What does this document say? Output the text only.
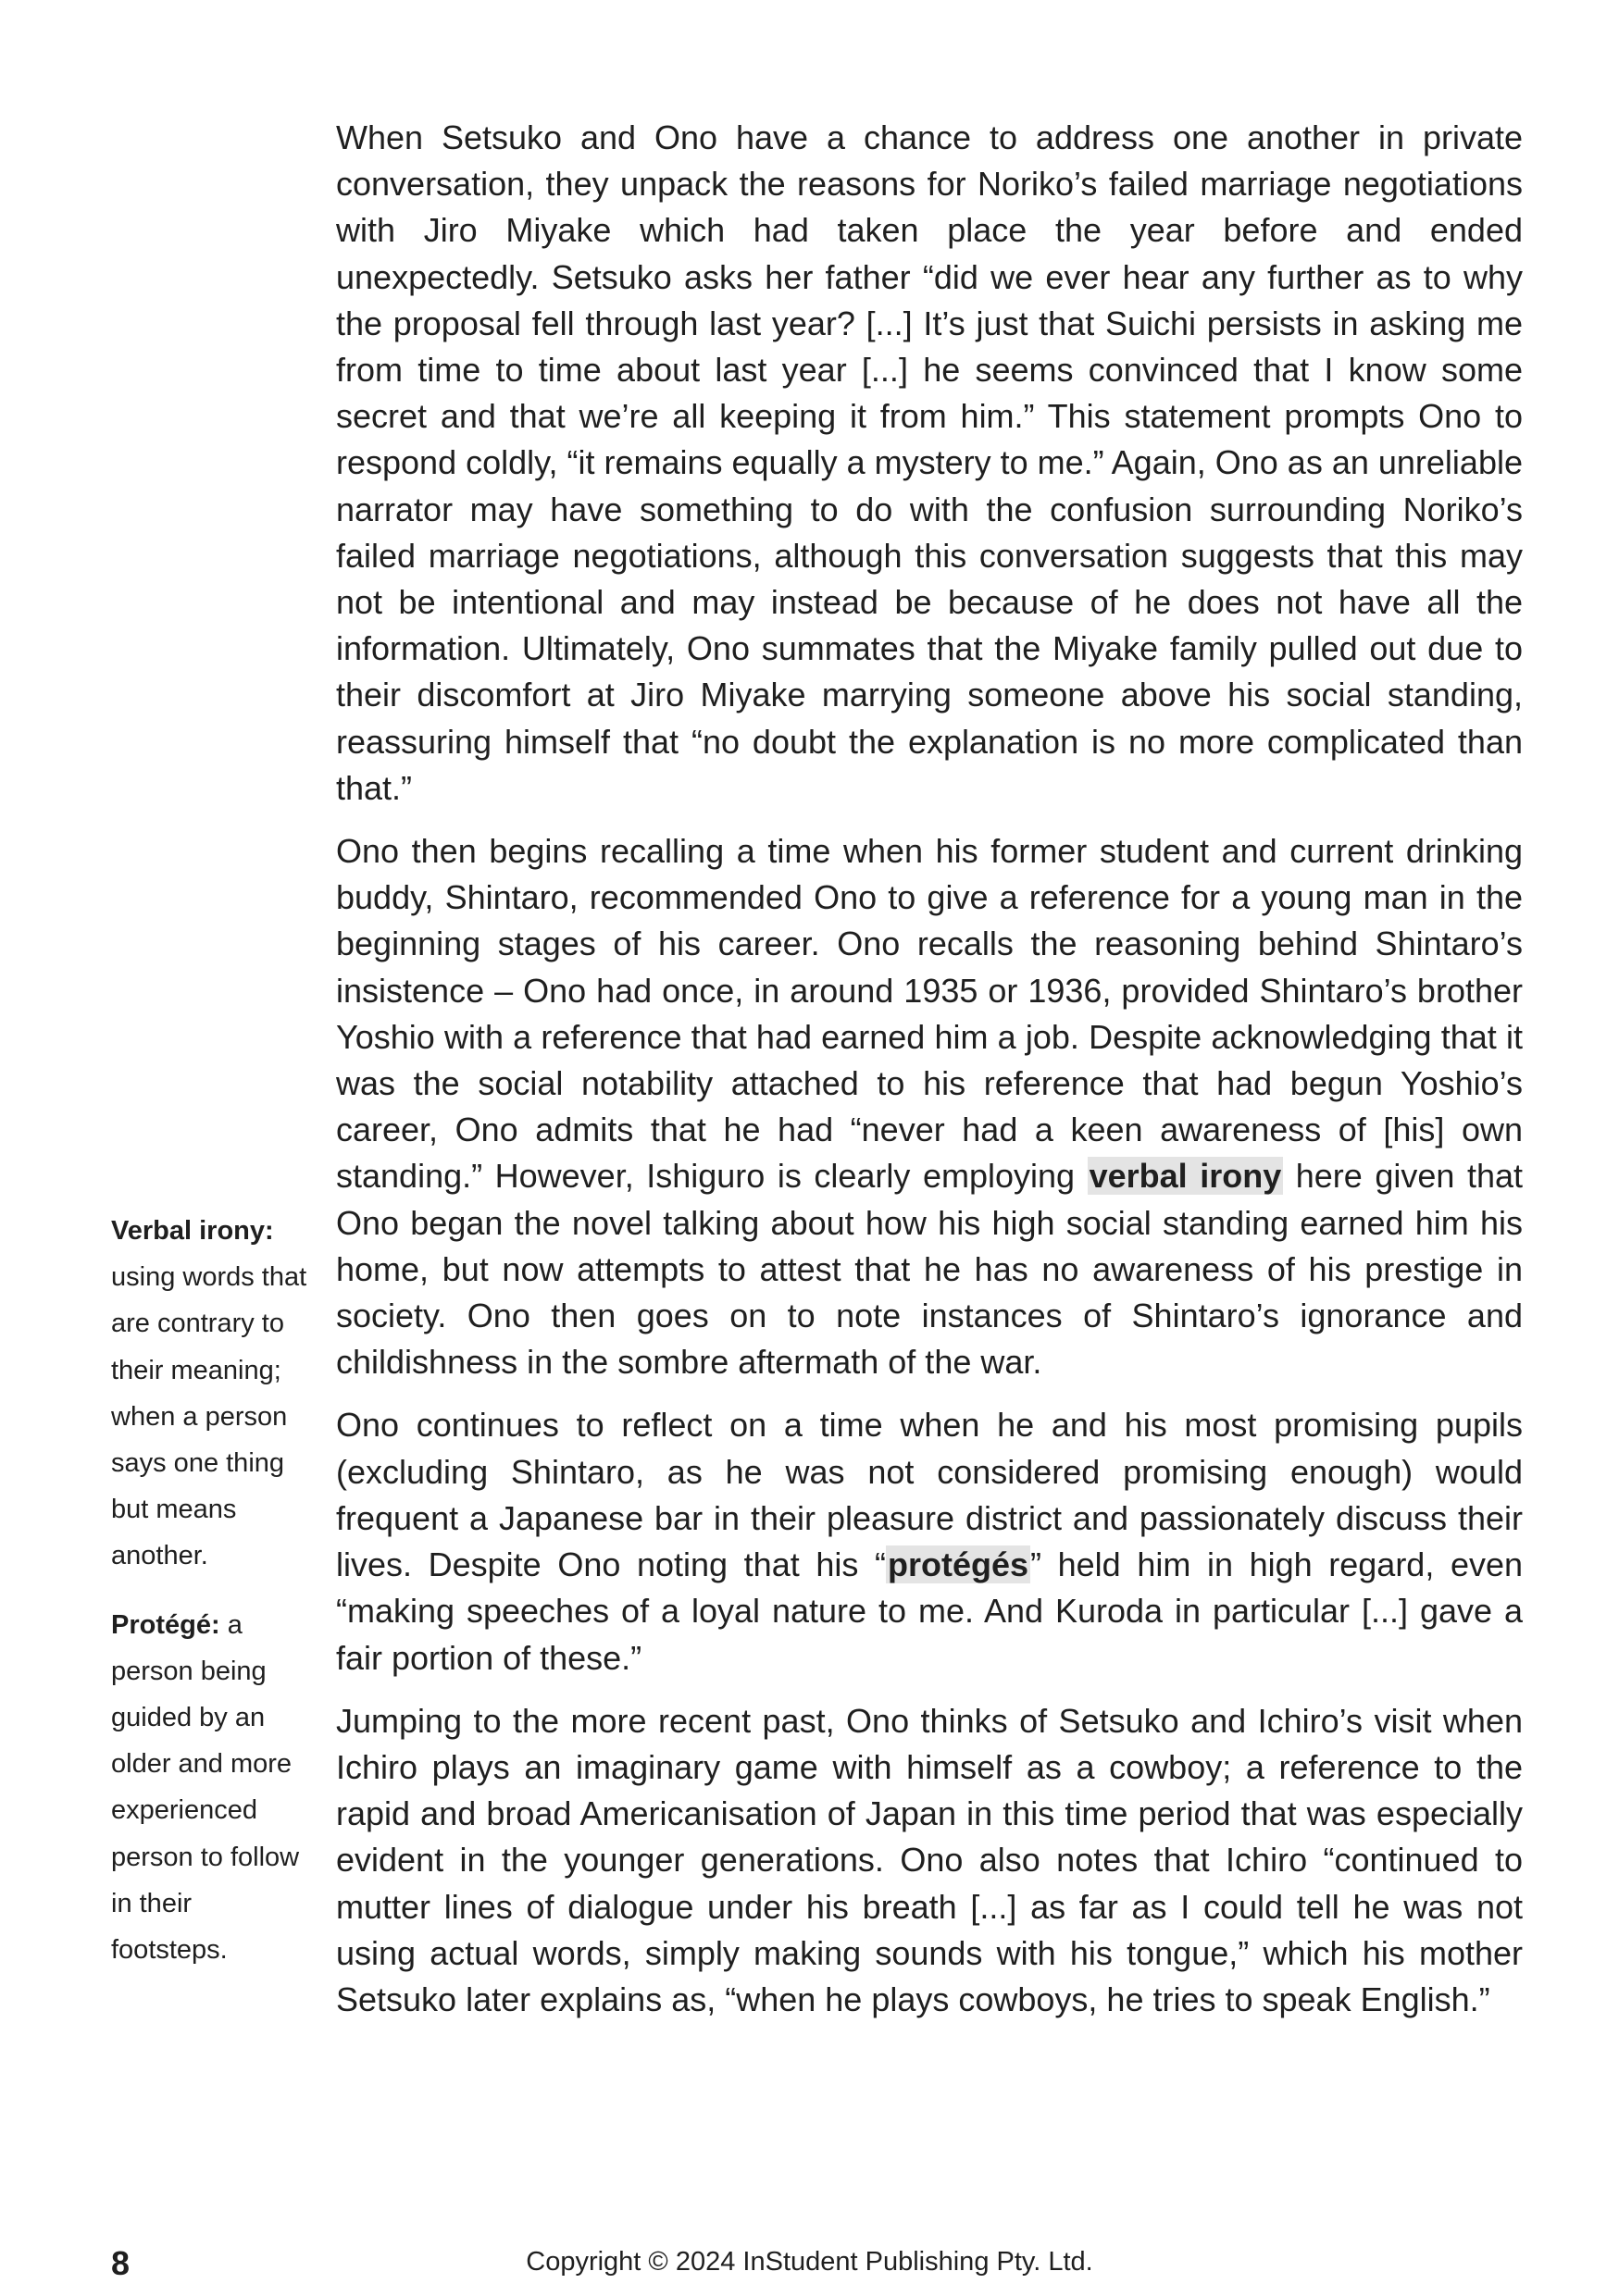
When Setsuko and Ono have a chance to address one another in private conversation, they unpack the reasons for Noriko’s failed marriage negotiations with Jiro Miyake which had taken place the year before and ended unexpectedly. Setsuko asks her father “did we ever hear any further as to why the proposal fell through last year? [...] It’s just that Suichi persists in asking me from time to time about last year [...] he seems convinced that I know some secret and that we’re all keeping it from him.” This statement prompts Ono to respond coldly, “it remains equally a mystery to me.” Again, Ono as an unreliable narrator may have something to do with the confusion surrounding Noriko’s failed marriage negotiations, although this conversation suggests that this may not be intentional and may instead be because of he does not have all the information. Ultimately, Ono summates that the Miyake family pulled out due to their discomfort at Jiro Miyake marrying someone above his social standing, reassuring himself that “no doubt the explanation is no more complicated than that.”

Ono then begins recalling a time when his former student and current drinking buddy, Shintaro, recommended Ono to give a reference for a young man in the beginning stages of his career. Ono recalls the reasoning behind Shintaro’s insistence – Ono had once, in around 1935 or 1936, provided Shintaro’s brother Yoshio with a reference that had earned him a job. Despite acknowledging that it was the social notability attached to his reference that had begun Yoshio’s career, Ono admits that he had “never had a keen awareness of [his] own standing.” However, Ishiguro is clearly employing verbal irony here given that Ono began the novel talking about how his high social standing earned him his home, but now attempts to attest that he has no awareness of his prestige in society. Ono then goes on to note instances of Shintaro’s ignorance and childishness in the sombre aftermath of the war.

Ono continues to reflect on a time when he and his most promising pupils (excluding Shintaro, as he was not considered promising enough) would frequent a Japanese bar in their pleasure district and passionately discuss their lives. Despite Ono noting that his “protégés” held him in high regard, even “making speeches of a loyal nature to me. And Kuroda in particular [...] gave a fair portion of these.”

Jumping to the more recent past, Ono thinks of Setsuko and Ichiro’s visit when Ichiro plays an imaginary game with himself as a cowboy; a reference to the rapid and broad Americanisation of Japan in this time period that was especially evident in the younger generations. Ono also notes that Ichiro “continued to mutter lines of dialogue under his breath [...] as far as I could tell he was not using actual words, simply making sounds with his tongue,” which his mother Setsuko later explains as, “when he plays cowboys, he tries to speak English.”

Verbal irony: using words that are contrary to their meaning; when a person says one thing but means another.

Protégé: a person being guided by an older and more experienced person to follow in their footsteps.

8	Copyright © 2024 InStudent Publishing Pty. Ltd.
